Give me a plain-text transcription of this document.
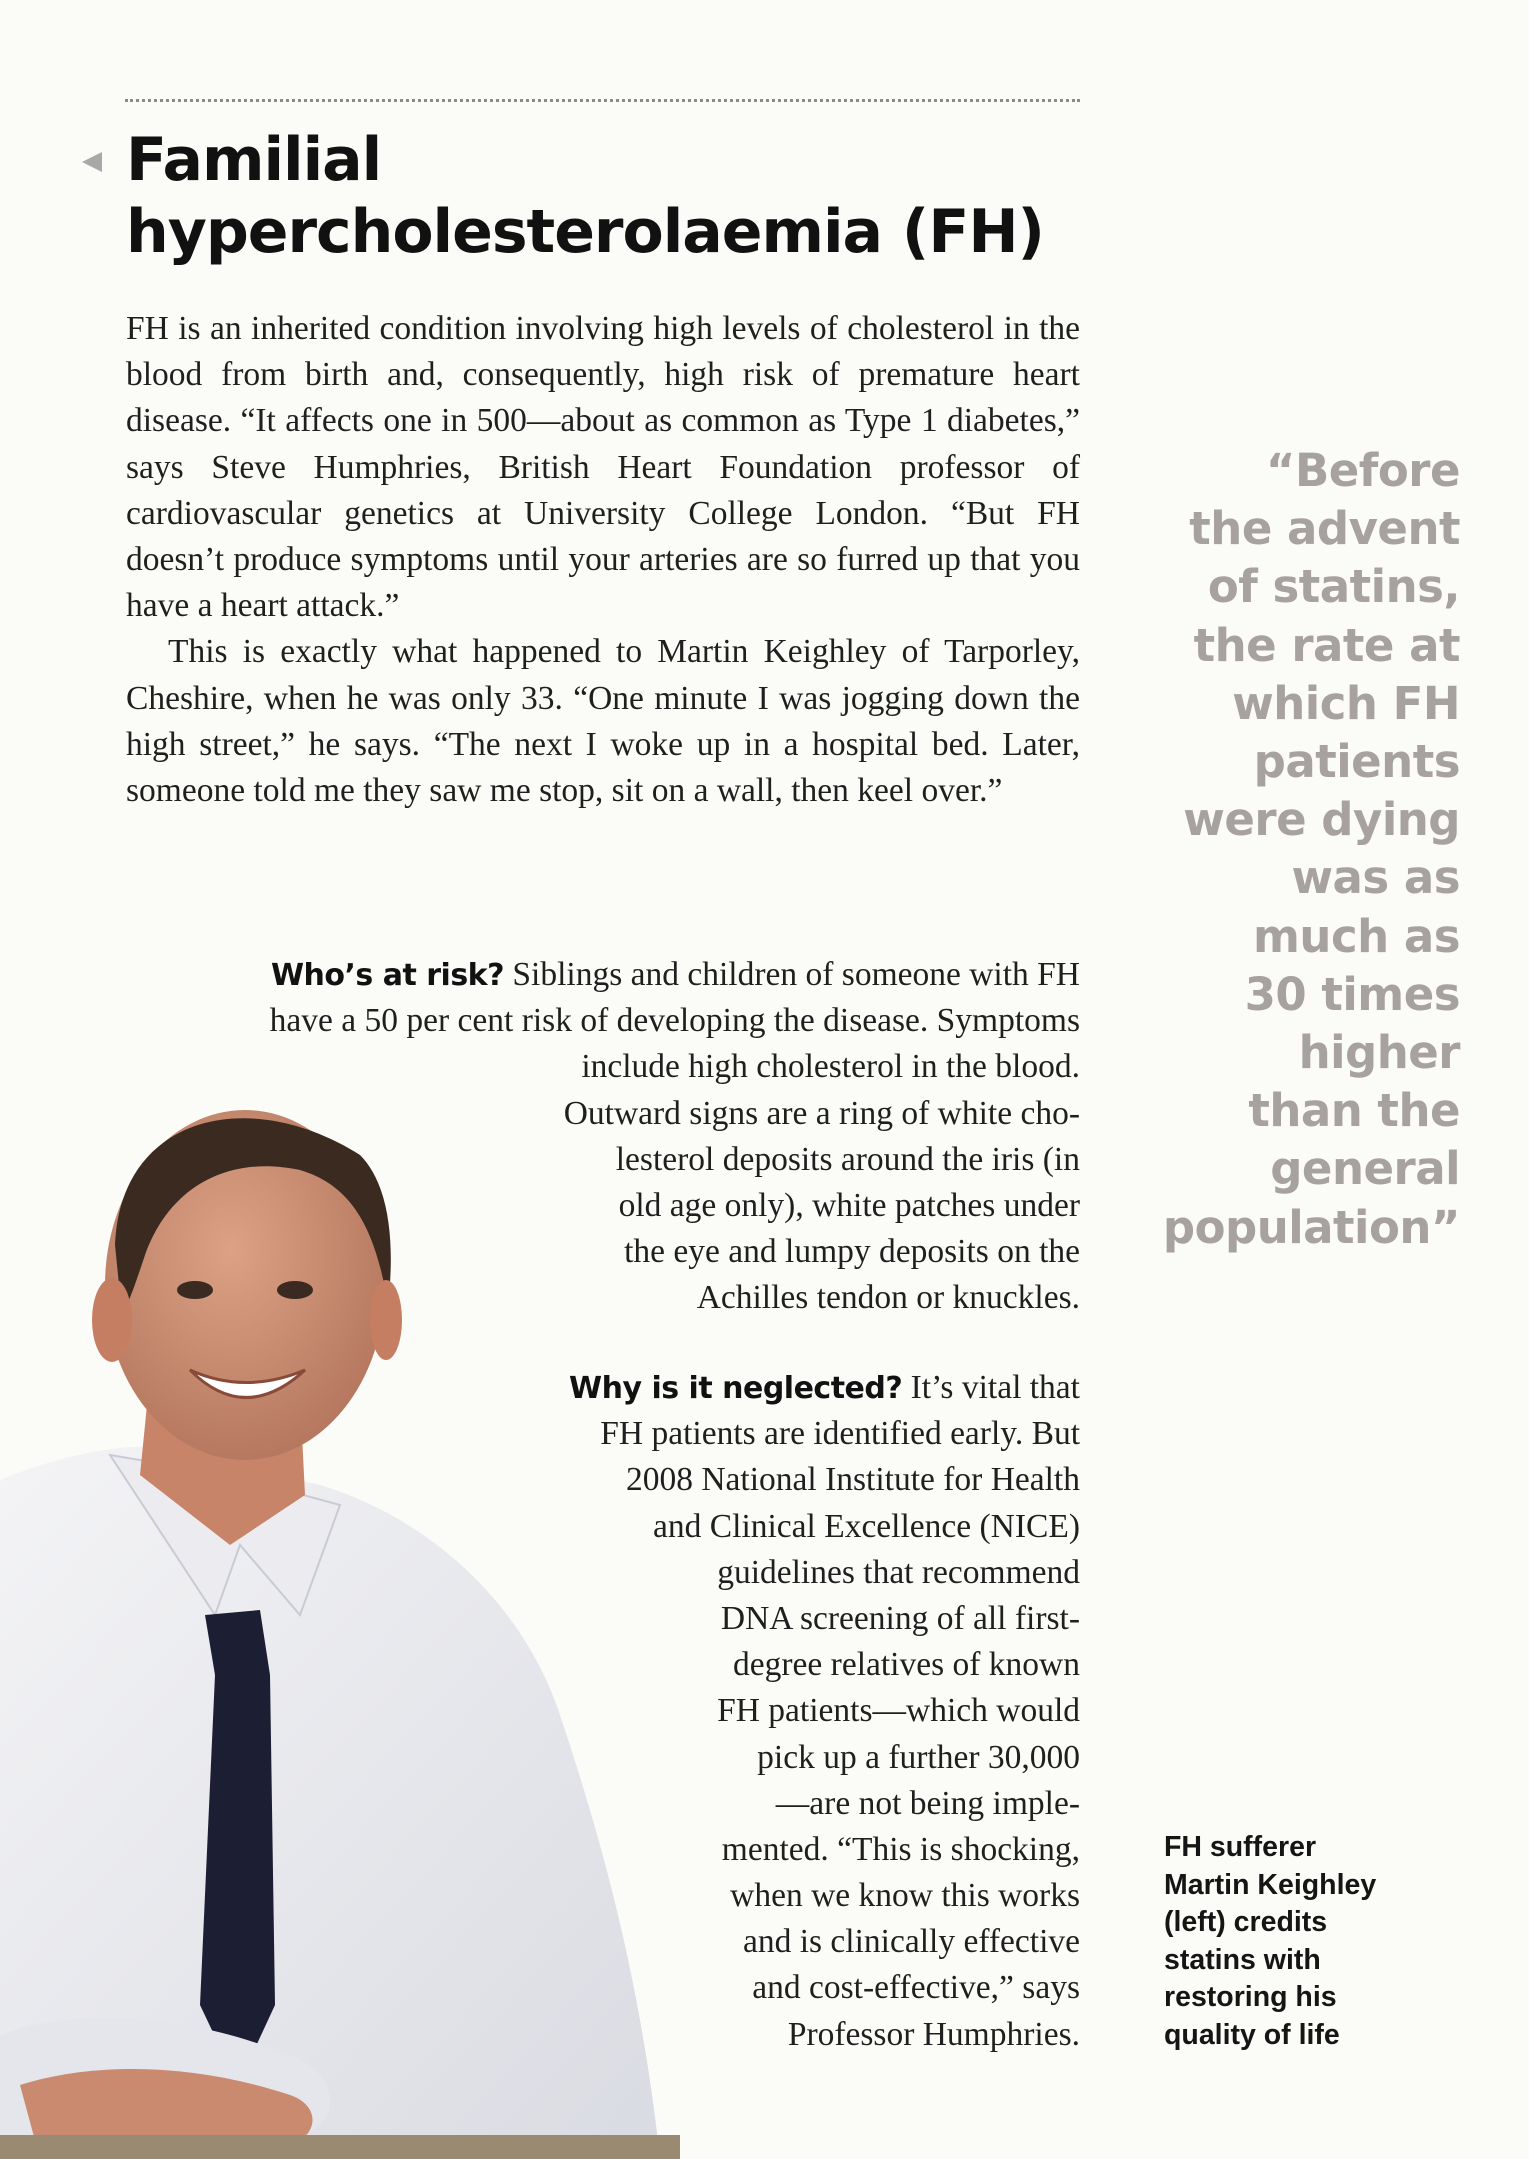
Familial
hypercholesterolaemia (FH)

FH is an inherited condition involving high levels of cholesterol in the blood from birth and, consequently, high risk of premature heart disease. “It affects one in 500—about as common as Type 1 diabetes,” says Steve Humphries, British Heart Foundation professor of cardiovascular genetics at University College London. “But FH doesn’t produce symptoms until your arteries are so furred up that you have a heart attack.”

This is exactly what happened to Martin Keighley of Tarporley, Cheshire, when he was only 33. “One minute I was jogging down the high street,” he says. “The next I woke up in a hospital bed. Later, someone told me they saw me stop, sit on a wall, then keel over.”

Who’s at risk? Siblings and children of someone with FH
have a 50 per cent risk of developing the disease. Symptoms
include high cholesterol in the blood.
Outward signs are a ring of white cho-
lesterol deposits around the iris (in
old age only), white patches under
the eye and lumpy deposits on the
Achilles tendon or knuckles.
Why is it neglected? It’s vital that
FH patients are identified early. But
2008 National Institute for Health
and Clinical Excellence (NICE)
guidelines that recommend
DNA screening of all first-
degree relatives of known
FH patients—which would
pick up a further 30,000
—are not being imple-
mented. “This is shocking,
when we know this works
and is clinically effective
and cost-effective,” says
Professor Humphries.
“Before
the advent
of statins,
the rate at
which FH
patients
were dying
was as
much as
30 times
higher
than the
general
population”

FH sufferer
Martin Keighley
(left) credits
statins with
restoring his
quality of life
